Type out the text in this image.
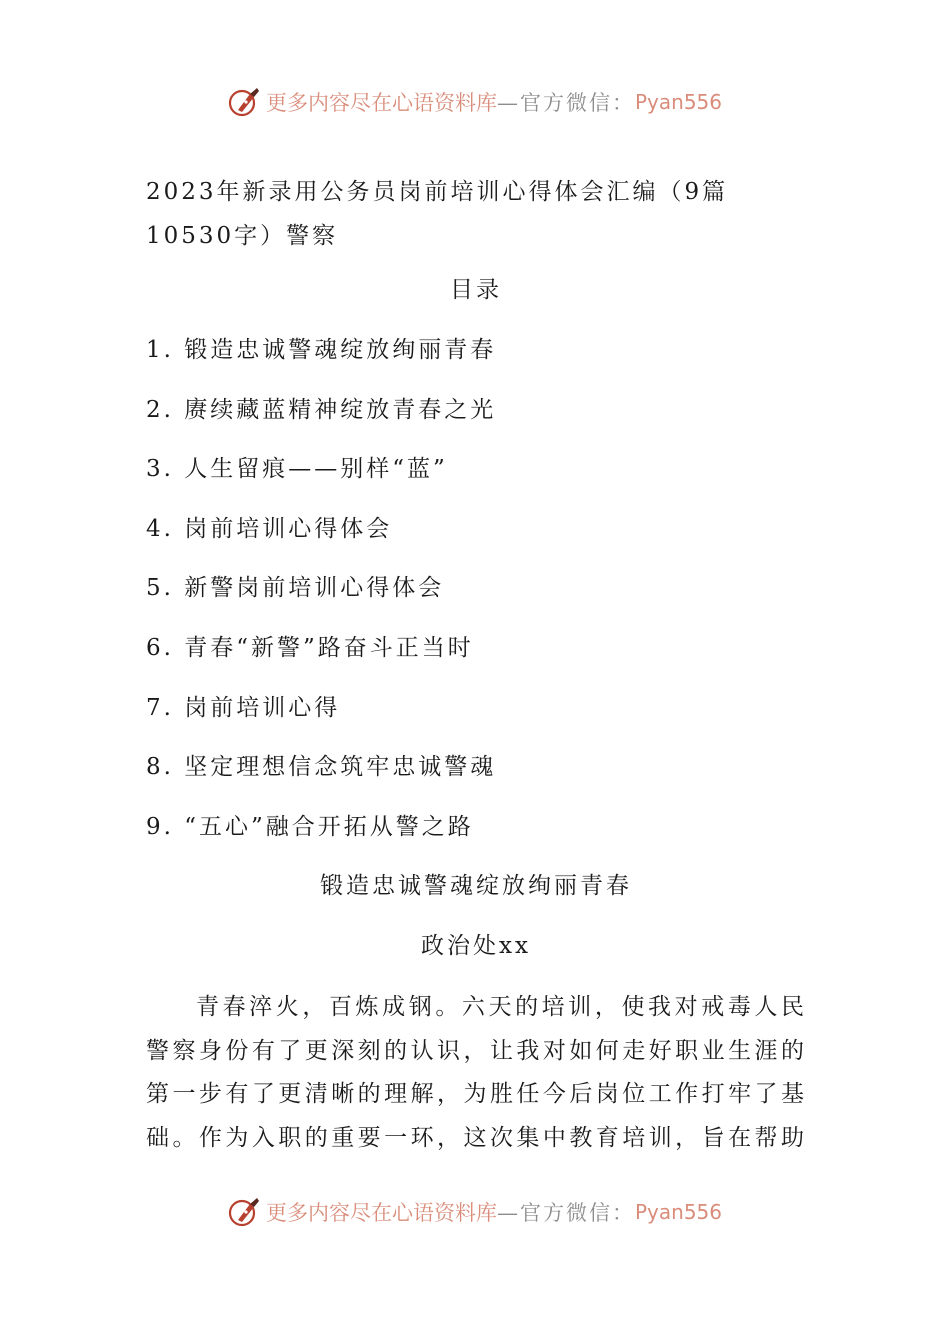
更多内容尽在心语资料库 —官方微信： Pyan556
2023年新录用公务员岗前培训心得体会汇编（9篇10530字）警察
目录
1. 锻造忠诚警魂绽放绚丽青春
2. 赓续藏蓝精神绽放青春之光
3. 人生留痕——别样“蓝”
4. 岗前培训心得体会
5. 新警岗前培训心得体会
6. 青春“新警”路奋斗正当时
7. 岗前培训心得
8. 坚定理想信念筑牢忠诚警魂
9. “五心”融合开拓从警之路
锻造忠诚警魂绽放绚丽青春
政治处xx
青春淬火，百炼成钢。六天的培训，使我对戒毒人民
警察身份有了更深刻的认识，让我对如何走好职业生涯的
第一步有了更清晰的理解，为胜任今后岗位工作打牢了基
础。作为入职的重要一环，这次集中教育培训，旨在帮助
更多内容尽在心语资料库 —官方微信： Pyan556
